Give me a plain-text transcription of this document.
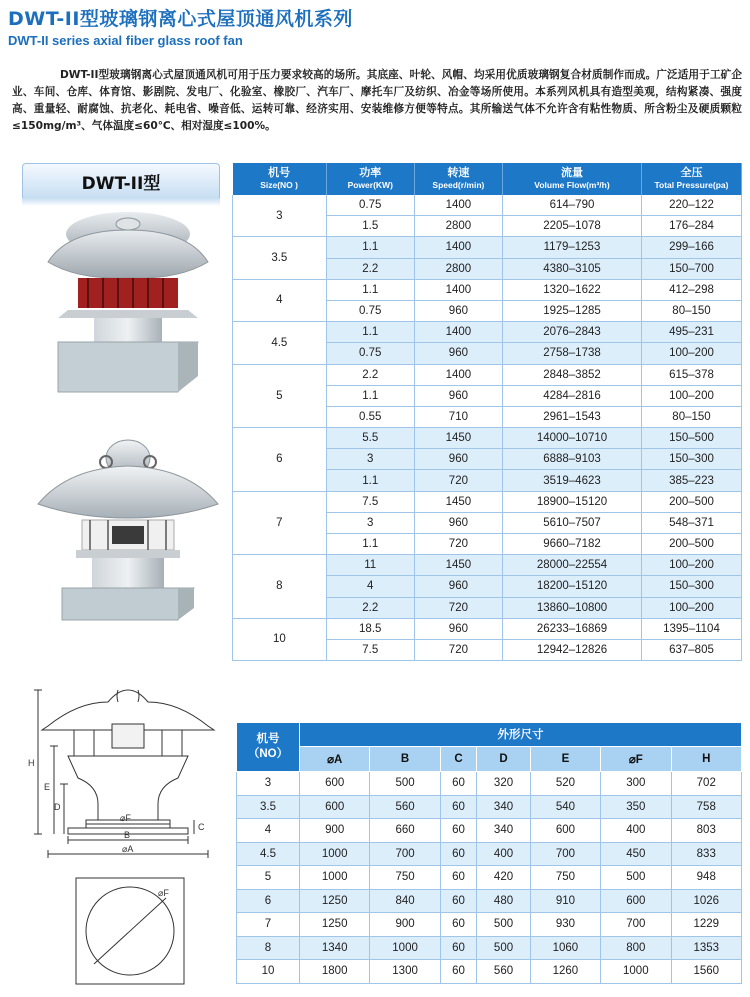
DWT-II型玻璃钢离心式屋顶通风机系列
DWT-II series axial fiber glass roof fan
DWT-II型玻璃钢离心式屋顶通风机可用于压力要求较高的场所。其底座、叶轮、风帽、均采用优质玻璃钢复合材质制作而成。广泛适用于工矿企业、车间、仓库、体育馆、影剧院、发电厂、化验室、橡胶厂、汽车厂、摩托车厂及纺织、冶金等场所使用。本系列风机具有造型美观，结构紧凑、强度高、重量轻、耐腐蚀、抗老化、耗电省、噪音低、运转可靠、经济实用、安装维修方便等特点。其所输送气体不允许含有粘性物质、所含粉尘及硬质颗粒≤150mg/m³、气体温度≤60℃、相对湿度≤100%。
DWT-II型
机号
Size(NO )	功率
Power(KW)	转速
Speed(r/min)	流量
Volume Flow(m³/h)	全压
Total Pressure(pa)

3	0.75	1400	614–790	220–122
	1.5	2800	2205–1078	176–284
3.5	1.1	1400	1179–1253	299–166
	2.2	2800	4380–3105	150–700
4	1.1	1400	1320–1622	412–298
	0.75	960	1925–1285	80–150
4.5	1.1	1400	2076–2843	495–231
	0.75	960	2758–1738	100–200
5	2.2	1400	2848–3852	615–378
	1.1	960	4284–2816	100–200
	0.55	710	2961–1543	80–150
6	5.5	1450	14000–10710	150–500
	3	960	6888–9103	150–300
	1.1	720	3519–4623	385–223
7	7.5	1450	18900–15120	200–500
	3	960	5610–7507	548–371
	1.1	720	9660–7182	200–500
8	11	1450	28000–22554	100–200
	4	960	18200–15120	150–300
	2.2	720	13860–10800	100–200
10	18.5	960	26233–16869	1395–1104
	7.5	720	12942–12826	637–805
H
E
D
C
⌀F
B
⌀A
⌀F
机号
（NO）	外形尺寸						
	⌀A	B	C	D	E	⌀F	H
3	600	500	60	320	520	300	702
3.5	600	560	60	340	540	350	758
4	900	660	60	340	600	400	803
4.5	1000	700	60	400	700	450	833
5	1000	750	60	420	750	500	948
6	1250	840	60	480	910	600	1026
7	1250	900	60	500	930	700	1229
8	1340	1000	60	500	1060	800	1353
10	1800	1300	60	560	1260	1000	1560
